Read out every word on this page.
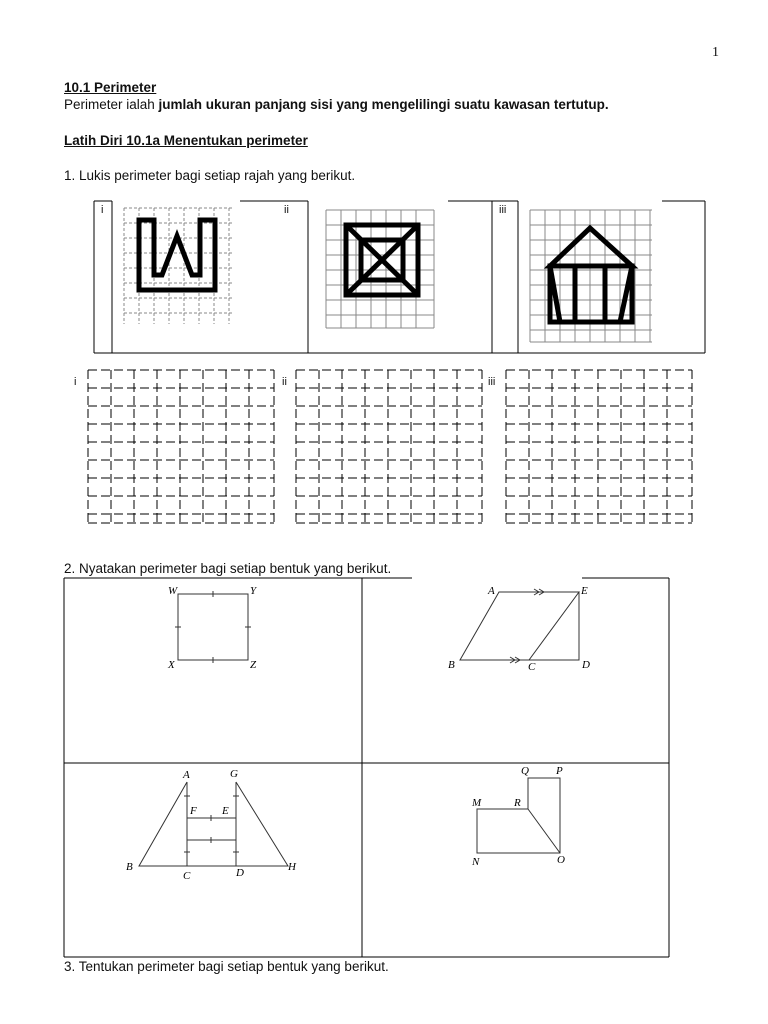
1
10.1 Perimeter
Perimeter ialah jumlah ukuran panjang sisi yang mengelilingi suatu kawasan tertutup.
Latih Diri 10.1a Menentukan perimeter
1. Lukis perimeter bagi setiap rajah yang berikut.
i	ii	iii
i	ii	iii
2. Nyatakan perimeter bagi setiap bentuk yang berikut.
W	Y
X	Z
A	E
B	C	D
A	G
F E
B
C	D	H
Q P
M	R
N	O
3. Tentukan perimeter bagi setiap bentuk yang berikut.
